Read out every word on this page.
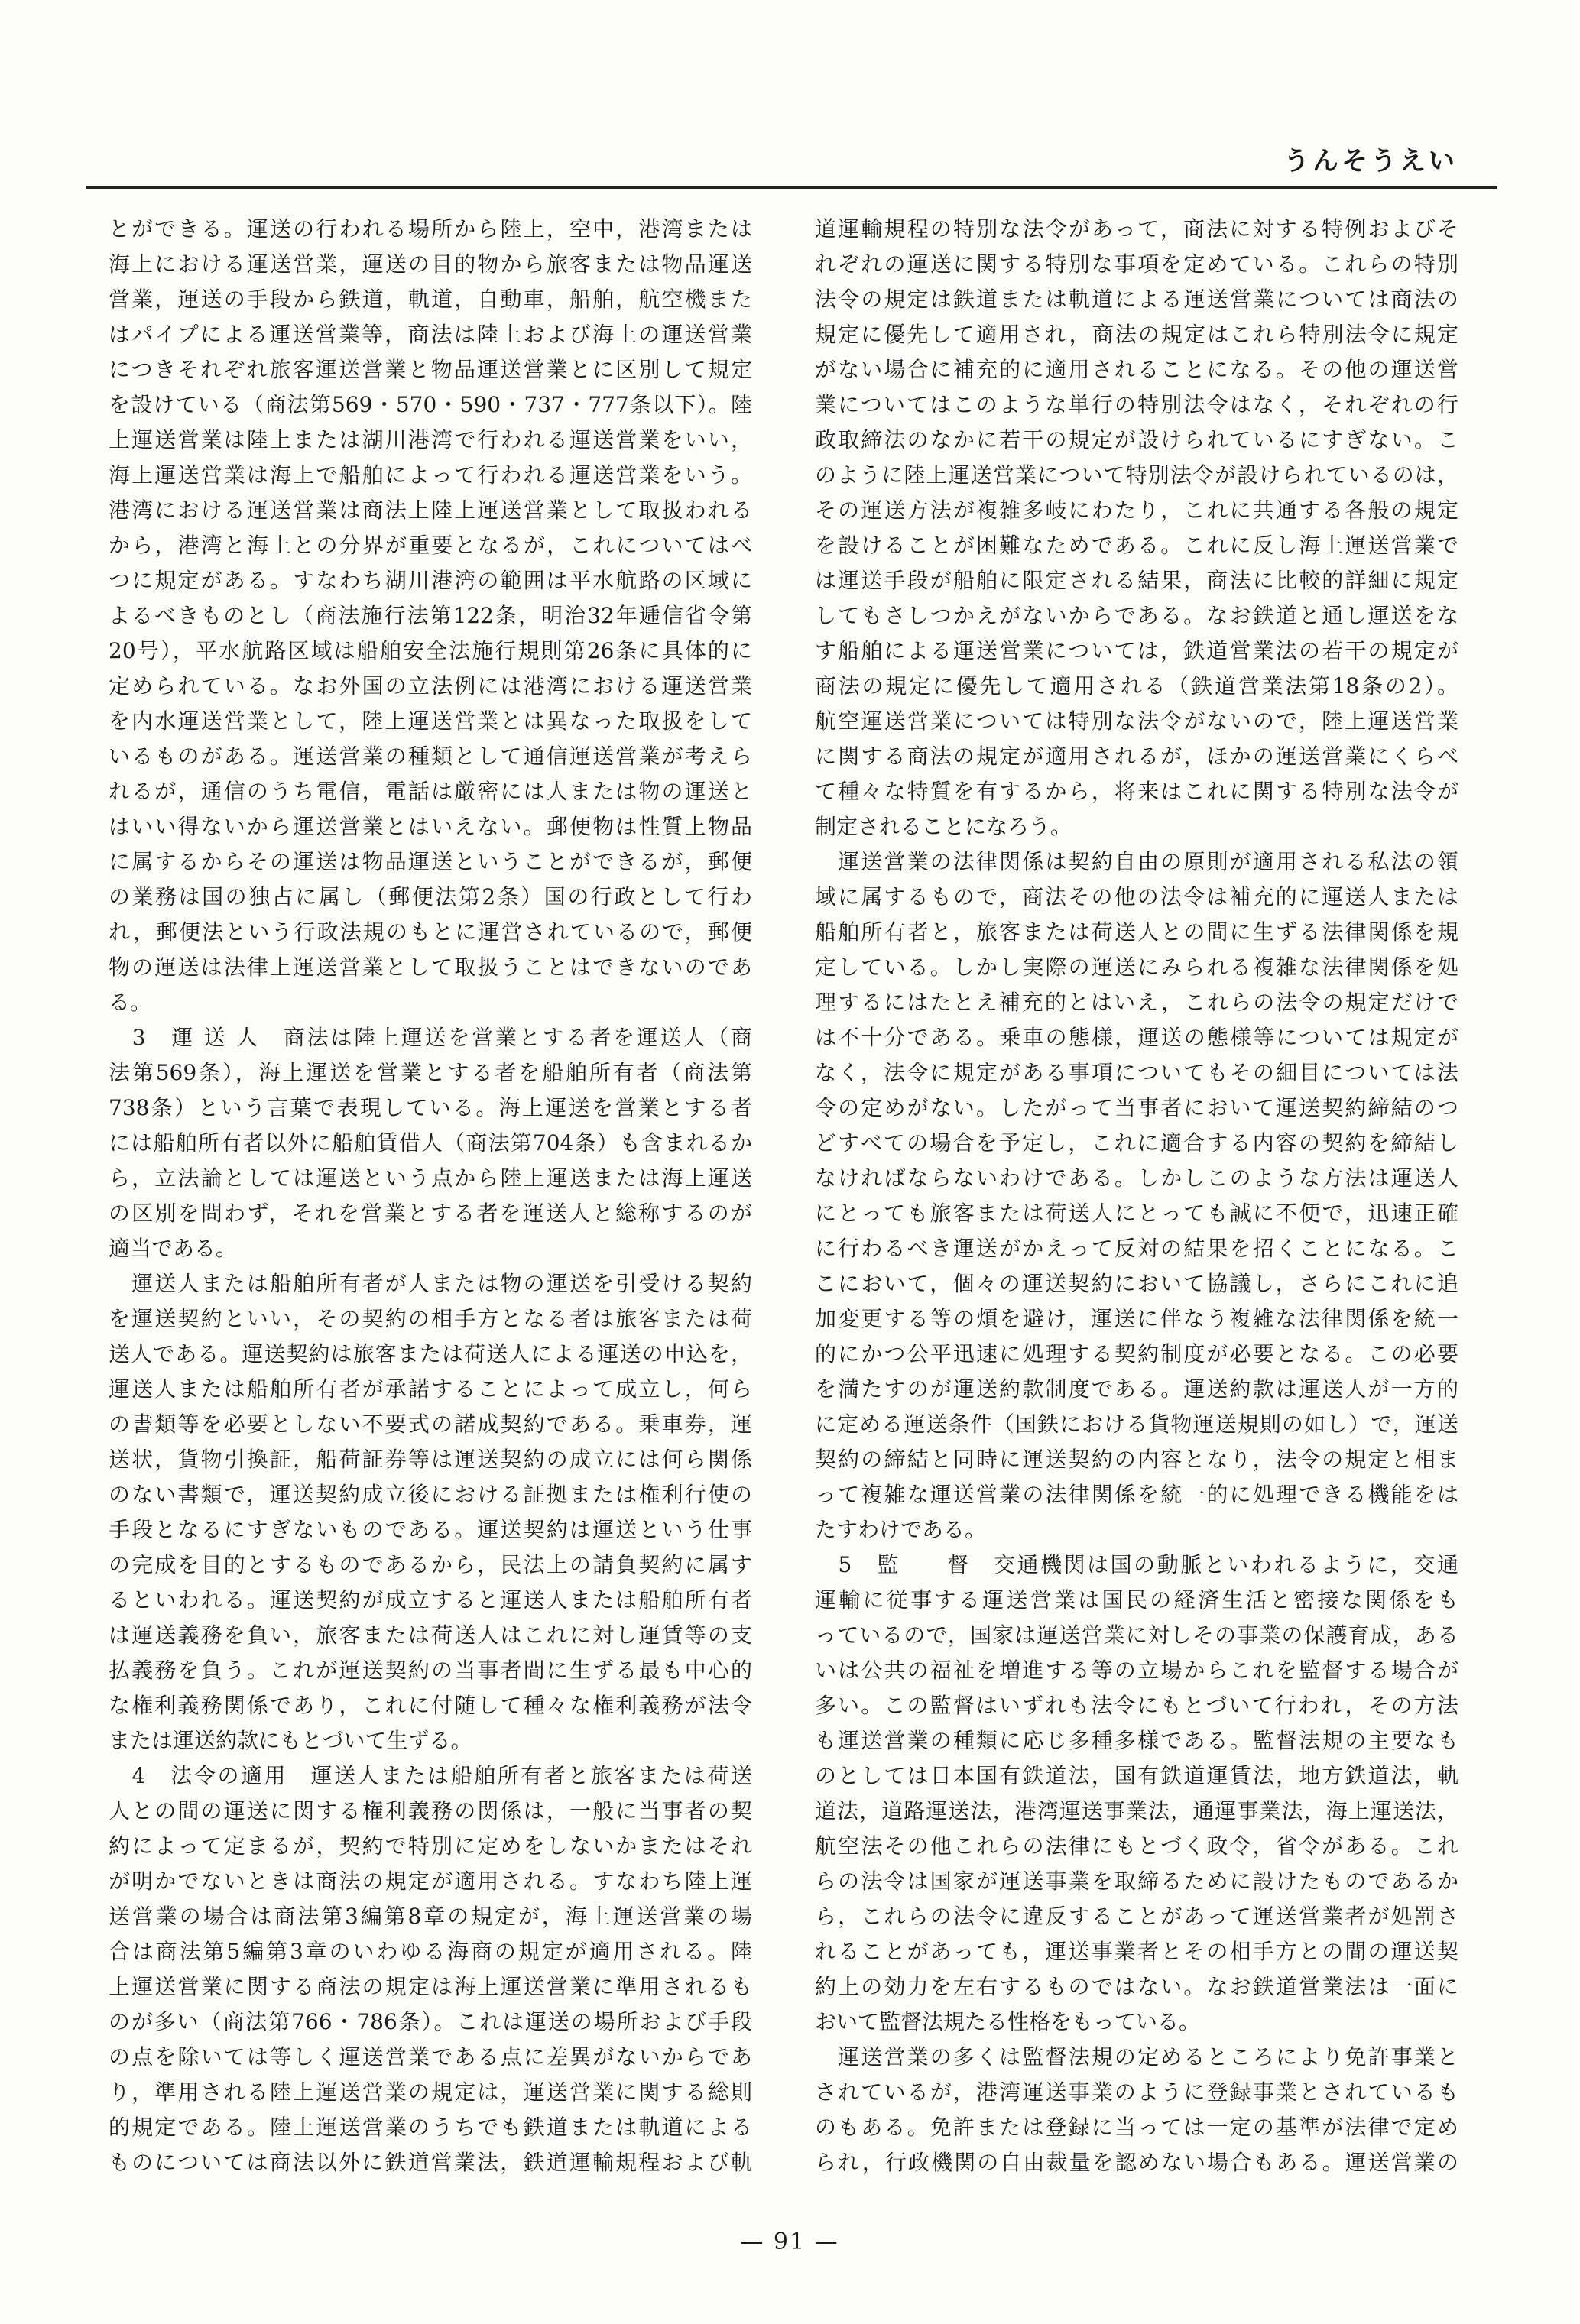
うんそうえい
とができる。運送の行われる場所から陸上，空中，港湾または
海上における運送営業，運送の目的物から旅客または物品運送
営業，運送の手段から鉄道，軌道，自動車，船舶，航空機また
はパイプによる運送営業等，商法は陸上および海上の運送営業
につきそれぞれ旅客運送営業と物品運送営業とに区別して規定
を設けている（商法第569・570・590・737・777条以下）。陸
上運送営業は陸上または湖川港湾で行われる運送営業をいい，
海上運送営業は海上で船舶によって行われる運送営業をいう。
港湾における運送営業は商法上陸上運送営業として取扱われる
から，港湾と海上との分界が重要となるが，これについてはべ
つに規定がある。すなわち湖川港湾の範囲は平水航路の区域に
よるべきものとし（商法施行法第122条，明治32年逓信省令第
20号），平水航路区域は船舶安全法施行規則第26条に具体的に
定められている。なお外国の立法例には港湾における運送営業
を内水運送営業として，陸上運送営業とは異なった取扱をして
いるものがある。運送営業の種類として通信運送営業が考えら
れるが，通信のうち電信，電話は厳密には人または物の運送と
はいい得ないから運送営業とはいえない。郵便物は性質上物品
に属するからその運送は物品運送ということができるが，郵便
の業務は国の独占に属し（郵便法第2条）国の行政として行わ
れ，郵便法という行政法規のもとに運営されているので，郵便
物の運送は法律上運送営業として取扱うことはできないのであ
る。
　3　運 送 人　商法は陸上運送を営業とする者を運送人（商
法第569条），海上運送を営業とする者を船舶所有者（商法第
738条）という言葉で表現している。海上運送を営業とする者
には船舶所有者以外に船舶賃借人（商法第704条）も含まれるか
ら，立法論としては運送という点から陸上運送または海上運送
の区別を問わず，それを営業とする者を運送人と総称するのが
適当である。
　運送人または船舶所有者が人または物の運送を引受ける契約
を運送契約といい，その契約の相手方となる者は旅客または荷
送人である。運送契約は旅客または荷送人による運送の申込を，
運送人または船舶所有者が承諾することによって成立し，何ら
の書類等を必要としない不要式の諾成契約である。乗車券，運
送状，貨物引換証，船荷証券等は運送契約の成立には何ら関係
のない書類で，運送契約成立後における証拠または権利行使の
手段となるにすぎないものである。運送契約は運送という仕事
の完成を目的とするものであるから，民法上の請負契約に属す
るといわれる。運送契約が成立すると運送人または船舶所有者
は運送義務を負い，旅客または荷送人はこれに対し運賃等の支
払義務を負う。これが運送契約の当事者間に生ずる最も中心的
な権利義務関係であり，これに付随して種々な権利義務が法令
または運送約款にもとづいて生ずる。
　4　法令の適用　運送人または船舶所有者と旅客または荷送
人との間の運送に関する権利義務の関係は，一般に当事者の契
約によって定まるが，契約で特別に定めをしないかまたはそれ
が明かでないときは商法の規定が適用される。すなわち陸上運
送営業の場合は商法第3編第8章の規定が，海上運送営業の場
合は商法第5編第3章のいわゆる海商の規定が適用される。陸
上運送営業に関する商法の規定は海上運送営業に準用されるも
のが多い（商法第766・786条）。これは運送の場所および手段
の点を除いては等しく運送営業である点に差異がないからであ
り，準用される陸上運送営業の規定は，運送営業に関する総則
的規定である。陸上運送営業のうちでも鉄道または軌道による
ものについては商法以外に鉄道営業法，鉄道運輸規程および軌
道運輸規程の特別な法令があって，商法に対する特例およびそ
れぞれの運送に関する特別な事項を定めている。これらの特別
法令の規定は鉄道または軌道による運送営業については商法の
規定に優先して適用され，商法の規定はこれら特別法令に規定
がない場合に補充的に適用されることになる。その他の運送営
業についてはこのような単行の特別法令はなく，それぞれの行
政取締法のなかに若干の規定が設けられているにすぎない。こ
のように陸上運送営業について特別法令が設けられているのは，
その運送方法が複雑多岐にわたり，これに共通する各般の規定
を設けることが困難なためである。これに反し海上運送営業で
は運送手段が船舶に限定される結果，商法に比較的詳細に規定
してもさしつかえがないからである。なお鉄道と通し運送をな
す船舶による運送営業については，鉄道営業法の若干の規定が
商法の規定に優先して適用される（鉄道営業法第18条の2）。
航空運送営業については特別な法令がないので，陸上運送営業
に関する商法の規定が適用されるが，ほかの運送営業にくらべ
て種々な特質を有するから，将来はこれに関する特別な法令が
制定されることになろう。
　運送営業の法律関係は契約自由の原則が適用される私法の領
域に属するもので，商法その他の法令は補充的に運送人または
船舶所有者と，旅客または荷送人との間に生ずる法律関係を規
定している。しかし実際の運送にみられる複雑な法律関係を処
理するにはたとえ補充的とはいえ，これらの法令の規定だけで
は不十分である。乗車の態様，運送の態様等については規定が
なく，法令に規定がある事項についてもその細目については法
令の定めがない。したがって当事者において運送契約締結のつ
どすべての場合を予定し，これに適合する内容の契約を締結し
なければならないわけである。しかしこのような方法は運送人
にとっても旅客または荷送人にとっても誠に不便で，迅速正確
に行わるべき運送がかえって反対の結果を招くことになる。こ
こにおいて，個々の運送契約において協議し，さらにこれに追
加変更する等の煩を避け，運送に伴なう複雑な法律関係を統一
的にかつ公平迅速に処理する契約制度が必要となる。この必要
を満たすのが運送約款制度である。運送約款は運送人が一方的
に定める運送条件（国鉄における貨物運送規則の如し）で，運送
契約の締結と同時に運送契約の内容となり，法令の規定と相ま
って複雑な運送営業の法律関係を統一的に処理できる機能をは
たすわけである。
　5　監　　督　交通機関は国の動脈といわれるように，交通
運輸に従事する運送営業は国民の経済生活と密接な関係をも
っているので，国家は運送営業に対しその事業の保護育成，ある
いは公共の福祉を増進する等の立場からこれを監督する場合が
多い。この監督はいずれも法令にもとづいて行われ，その方法
も運送営業の種類に応じ多種多様である。監督法規の主要なも
のとしては日本国有鉄道法，国有鉄道運賃法，地方鉄道法，軌
道法，道路運送法，港湾運送事業法，通運事業法，海上運送法，
航空法その他これらの法律にもとづく政令，省令がある。これ
らの法令は国家が運送事業を取締るために設けたものであるか
ら，これらの法令に違反することがあって運送営業者が処罰さ
れることがあっても，運送事業者とその相手方との間の運送契
約上の効力を左右するものではない。なお鉄道営業法は一面に
おいて監督法規たる性格をもっている。
　運送営業の多くは監督法規の定めるところにより免許事業と
されているが，港湾運送事業のように登録事業とされているも
のもある。免許または登録に当っては一定の基準が法律で定め
られ，行政機関の自由裁量を認めない場合もある。運送営業の
— 91 —
